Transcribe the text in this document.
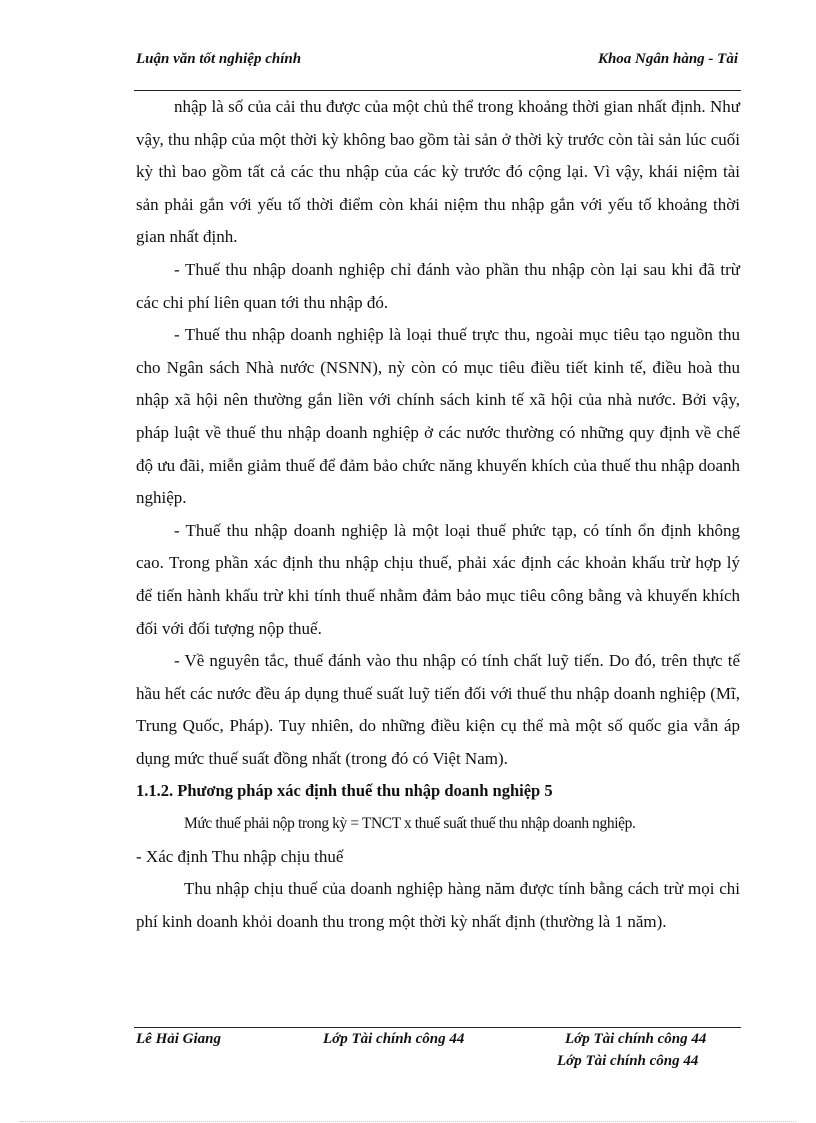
Luận văn tốt nghiệp chính	Khoa Ngân hàng - Tài

nhập là số của cải thu được của một chủ thể trong khoảng thời gian nhất định. Như vậy, thu nhập của một thời kỳ không bao gồm tài sản ở thời kỳ trước còn tài sản lúc cuối kỳ thì bao gồm tất cả các thu nhập của các kỳ trước đó cộng lại. Vì vậy, khái niệm tài sản phải gắn với yếu tố thời điểm còn khái niệm thu nhập gắn với yếu tố khoảng thời gian nhất định.

- Thuế thu nhập doanh nghiệp chỉ đánh vào phần thu nhập còn lại sau khi đã trừ các chi phí liên quan tới thu nhập đó.

- Thuế thu nhập doanh nghiệp là loại thuế trực thu, ngoài mục tiêu tạo nguồn thu cho Ngân sách Nhà nước (NSNN), nỳ còn có mục tiêu điều tiết kinh tế, điều hoà thu nhập xã hội nên thường gắn liền với chính sách kinh tế xã hội của nhà nước. Bởi vậy, pháp luật về thuế thu nhập doanh nghiệp ở các nước thường có những quy định về chế độ ưu đãi, miễn giảm thuế để đảm bảo chức năng khuyến khích của thuế thu nhập doanh nghiệp.

- Thuế thu nhập doanh nghiệp là một loại thuế phức tạp, có tính ổn định không cao. Trong phần xác định thu nhập chịu thuế, phải xác định các khoản khấu trừ hợp lý để tiến hành khấu trừ khi tính thuế nhằm đảm bảo mục tiêu công bằng và khuyến khích đối với đối tượng nộp thuế.

- Về nguyên tắc, thuế đánh vào thu nhập có tính chất luỹ tiến. Do đó, trên thực tế hầu hết các nước đều áp dụng thuế suất luỹ tiến đối với thuế thu nhập doanh nghiệp (Mĩ, Trung Quốc, Pháp). Tuy nhiên, do những điều kiện cụ thể mà một số quốc gia vẫn áp dụng mức thuế suất đồng nhất (trong đó có Việt Nam).

1.1.2. Phương pháp xác định thuế thu nhập doanh nghiệp 5

Mức thuế phải nộp trong kỳ = TNCT x thuế suất thuế thu nhập doanh nghiệp.

- Xác định Thu nhập chịu thuế

Thu nhập chịu thuế của doanh nghiệp hàng năm được tính bằng cách trừ mọi chi phí kinh doanh khỏi doanh thu trong một thời kỳ nhất định (thường là 1 năm).

Lê Hải Giang	Lớp Tài chính công 44	Lớp Tài chính công 44
Lớp Tài chính công 44
